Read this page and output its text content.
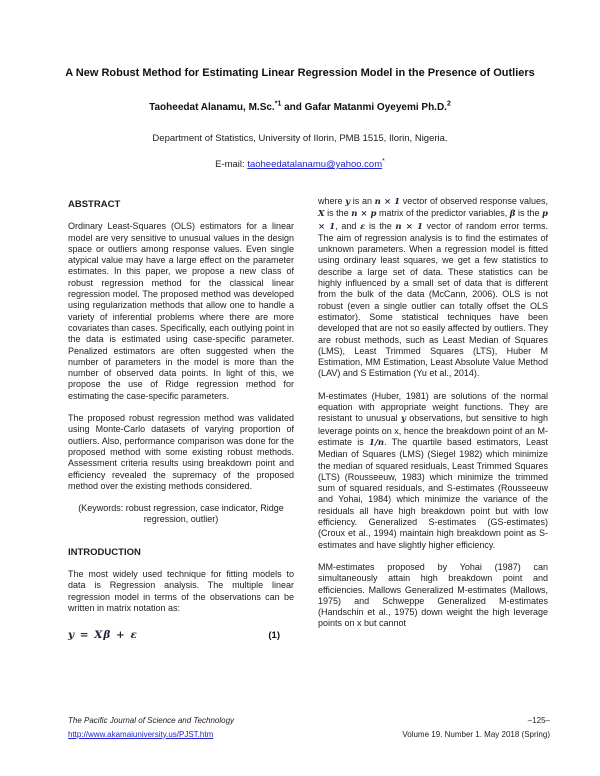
A New Robust Method for Estimating Linear Regression Model in the Presence of Outliers
Taoheedat Alanamu, M.Sc.$^{*1}$ and Gafar Matanmi Oyeyemi Ph.D.$^2$
Department of Statistics, University of Ilorin, PMB 1515, Ilorin, Nigeria.
E-mail: taoheedatalanamu@yahoo.com*
ABSTRACT
Ordinary Least-Squares (OLS) estimators for a linear model are very sensitive to unusual values in the design space or outliers among response values. Even single atypical value may have a large effect on the parameter estimates. In this paper, we propose a new class of robust regression method for the classical linear regression model. The proposed method was developed using regularization methods that allow one to handle a variety of inferential problems where there are more covariates than cases. Specifically, each outlying point in the data is estimated using case-specific parameter. Penalized estimators are often suggested when the number of parameters in the model is more than the number of observed data points. In light of this, we propose the use of Ridge regression method for estimating the case-specific parameters.
The proposed robust regression method was validated using Monte-Carlo datasets of varying proportion of outliers. Also, performance comparison was done for the proposed method with some existing robust methods. Assessment criteria results using breakdown point and efficiency revealed the supremacy of the proposed method over the existing methods considered.
(Keywords: robust regression, case indicator, Ridge regression, outlier)
INTRODUCTION
The most widely used technique for fitting models to data is Regression analysis. The multiple linear regression model in terms of the observations can be written in matrix notation as:
y = Xβ + ε	(1)
where y is an n × 1 vector of observed response values, X is the n × p matrix of the predictor variables, β is the p × 1, and ε is the n × 1 vector of random error terms. The aim of regression analysis is to find the estimates of unknown parameters. When a regression model is fitted using ordinary least squares, we get a few statistics to describe a large set of data. These statistics can be highly influenced by a small set of data that is different from the bulk of the data (McCann, 2006). OLS is not robust (even a single outlier can totally offset the OLS estimator). Some statistical techniques have been developed that are not so easily affected by outliers. They are robust methods, such as Least Median of Squares (LMS), Least Trimmed Squares (LTS), Huber M Estimation, MM Estimation, Least Absolute Value Method (LAV) and S Estimation (Yu et al., 2014).
M-estimates (Huber, 1981) are solutions of the normal equation with appropriate weight functions. They are resistant to unusual y observations, but sensitive to high leverage points on x, hence the breakdown point of an M-estimate is 1/n. The quartile based estimators, Least Median of Squares (LMS) (Siegel 1982) which minimize the median of squared residuals, Least Trimmed Squares (LTS) (Rousseeuw, 1983) which minimize the trimmed sum of squared residuals, and S-estimates (Rousseeuw and Yohai, 1984) which minimize the variance of the residuals all have high breakdown point but with low efficiency. Generalized S-estimates (GS-estimates) (Croux et al., 1994) maintain high breakdown point as S-estimates and have slightly higher efficiency.
MM-estimates proposed by Yohai (1987) can simultaneously attain high breakdown point and efficiencies. Mallows Generalized M-estimates (Mallows, 1975) and Schweppe Generalized M-estimates (Handschin et al., 1975) down weight the high leverage points on x but cannot
The Pacific Journal of Science and Technology
http://www.akamaiuniversity.us/PJST.htm
–125–
Volume 19. Number 1. May 2018 (Spring)
